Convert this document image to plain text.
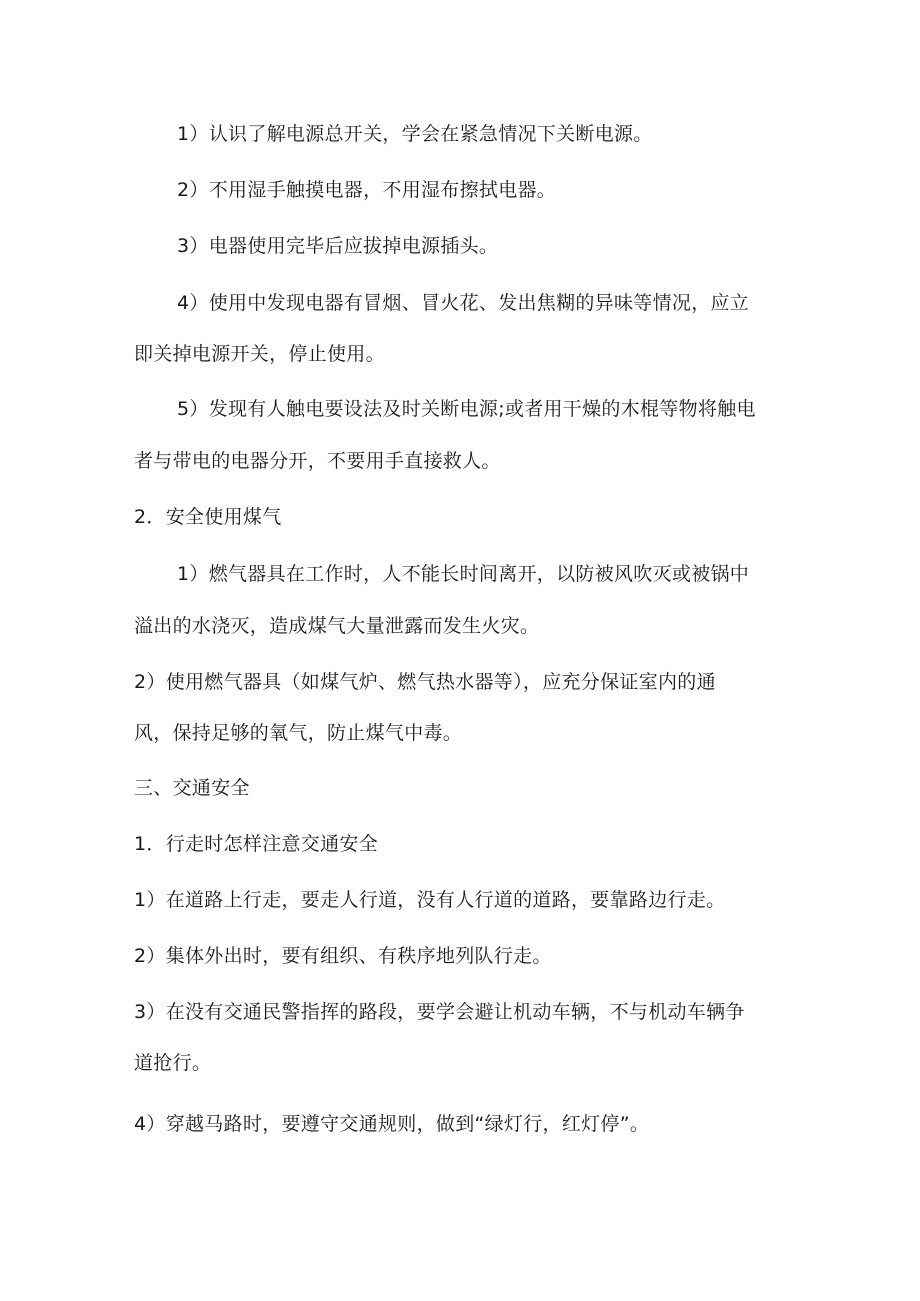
1）认识了解电源总开关，学会在紧急情况下关断电源。

2）不用湿手触摸电器，不用湿布擦拭电器。

3）电器使用完毕后应拔掉电源插头。

4）使用中发现电器有冒烟、冒火花、发出焦糊的异味等情况，应立

即关掉电源开关，停止使用。

5）发现有人触电要设法及时关断电源;或者用干燥的木棍等物将触电

者与带电的电器分开，不要用手直接救人。

2．安全使用煤气

1）燃气器具在工作时，人不能长时间离开，以防被风吹灭或被锅中

溢出的水浇灭，造成煤气大量泄露而发生火灾。

2）使用燃气器具（如煤气炉、燃气热水器等），应充分保证室内的通

风，保持足够的氧气，防止煤气中毒。

三、交通安全

1．行走时怎样注意交通安全

1）在道路上行走，要走人行道，没有人行道的道路，要靠路边行走。

2）集体外出时，要有组织、有秩序地列队行走。

3）在没有交通民警指挥的路段，要学会避让机动车辆，不与机动车辆争

道抢行。

4）穿越马路时，要遵守交通规则，做到“绿灯行，红灯停”。
